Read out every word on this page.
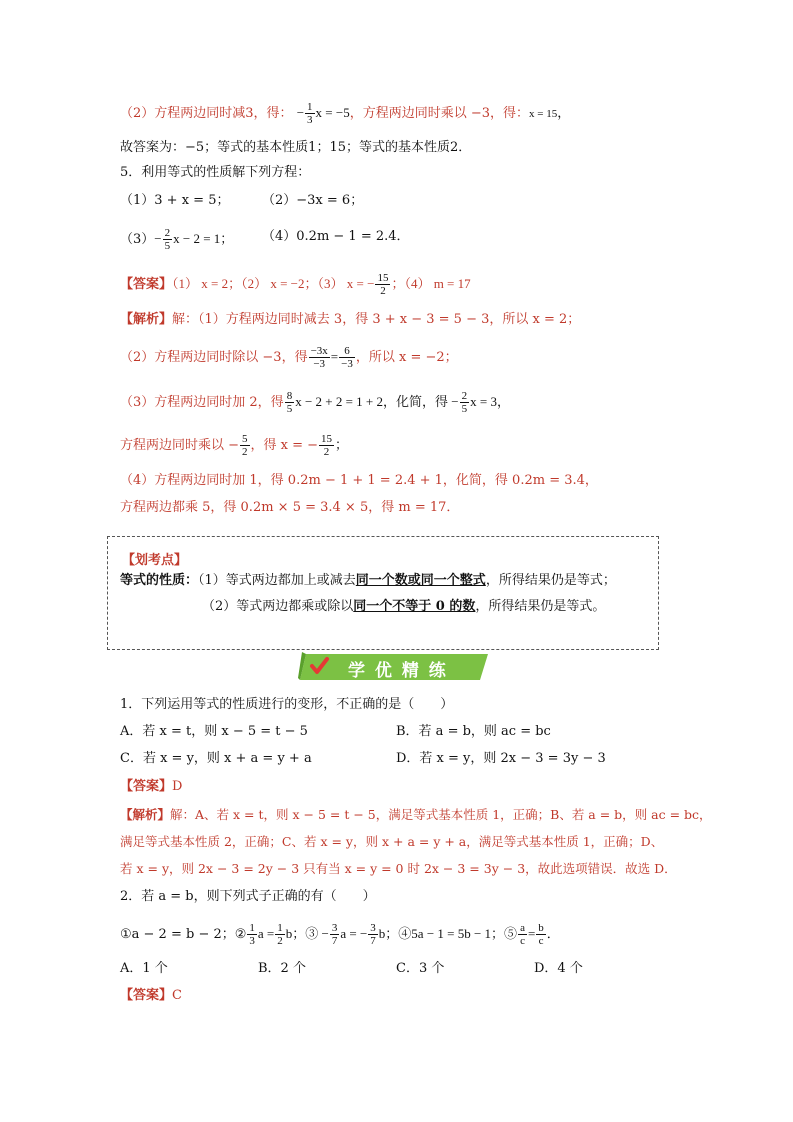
（2）方程两边同时减3，得： − $\frac{1}{3}$ x = −5，方程两边同时乘以 −3，得：x = 15，
故答案为：−5；等式的基本性质1；15；等式的基本性质2．
5．利用等式的性质解下列方程：
（1）3 + x = 5；	（2）−3x = 6；
$(3)- \frac{2}{5}$ x − 2 = 1； （4）0.2m − 1 = 2.4．
【答案】（1） x = 2；（2） x = −2；（3） x = − $\frac{15}{2}$ ；（4） m = 17
【解析】解：（1）方程两边同时减去 3，得 3 + x − 3 = 5 − 3，所以 x = 2；
（2）方程两边同时除以 −3，得 $\frac{-3x}{-3} = \frac{6}{-3}$ ，所以 x = −2；
（3）方程两边同时加 2，得 $\frac{8}{5}$ x − 2 + 2 = 1 + 2，化简，得 − $\frac{2}{5}$ x = 3，
方程两边同时乘以 − $\frac{5}{2}$ ，得 x = − $\frac{15}{2}$ ；
（4）方程两边同时加 1，得 0.2m − 1 + 1 = 2.4 + 1，化简，得 0.2m = 3.4，
方程两边都乘 5，得 0.2m × 5 = 3.4 × 5，得 m = 17．
【划考点】
等式的性质：（1）等式两边都加上或减去同一个数或同一个整式，所得结果仍是等式；
（2）等式两边都乘或除以同一个不等于 0 的数，所得结果仍是等式。
学 优 精 练
1．下列运用等式的性质进行的变形，不正确的是（　　）
A．若 x = t，则 x − 5 = t − 5	B．若 a = b，则 ac = bc
C．若 x = y，则 x + a = y + a	D．若 x = y，则 2x − 3 = 3y − 3
【答案】D
【解析】解：A、若 x = t，则 x − 5 = t − 5，满足等式基本性质 1，正确；B、若 a = b，则 ac = bc，
满足等式基本性质 2，正确；C、若 x = y，则 x + a = y + a，满足等式基本性质 1，正确；D、
若 x = y，则 2x − 3 = 2y − 3 只有当 x = y = 0 时 2x − 3 = 3y − 3，故此选项错误．故选 D．
2．若 a = b，则下列式子正确的有（　　）
①a − 2 = b − 2；② $\frac{1}{3}$ $a = \frac{1}{2}$ b；③ − $\frac{3}{7}$ a = − $\frac{3}{7}$ b；④5a − 1 = 5b − 1；⑤ $\frac{a}{c} = \frac{b}{c}$ ．
A．1 个	B．2 个	C．3 个	D．4 个
【答案】C
